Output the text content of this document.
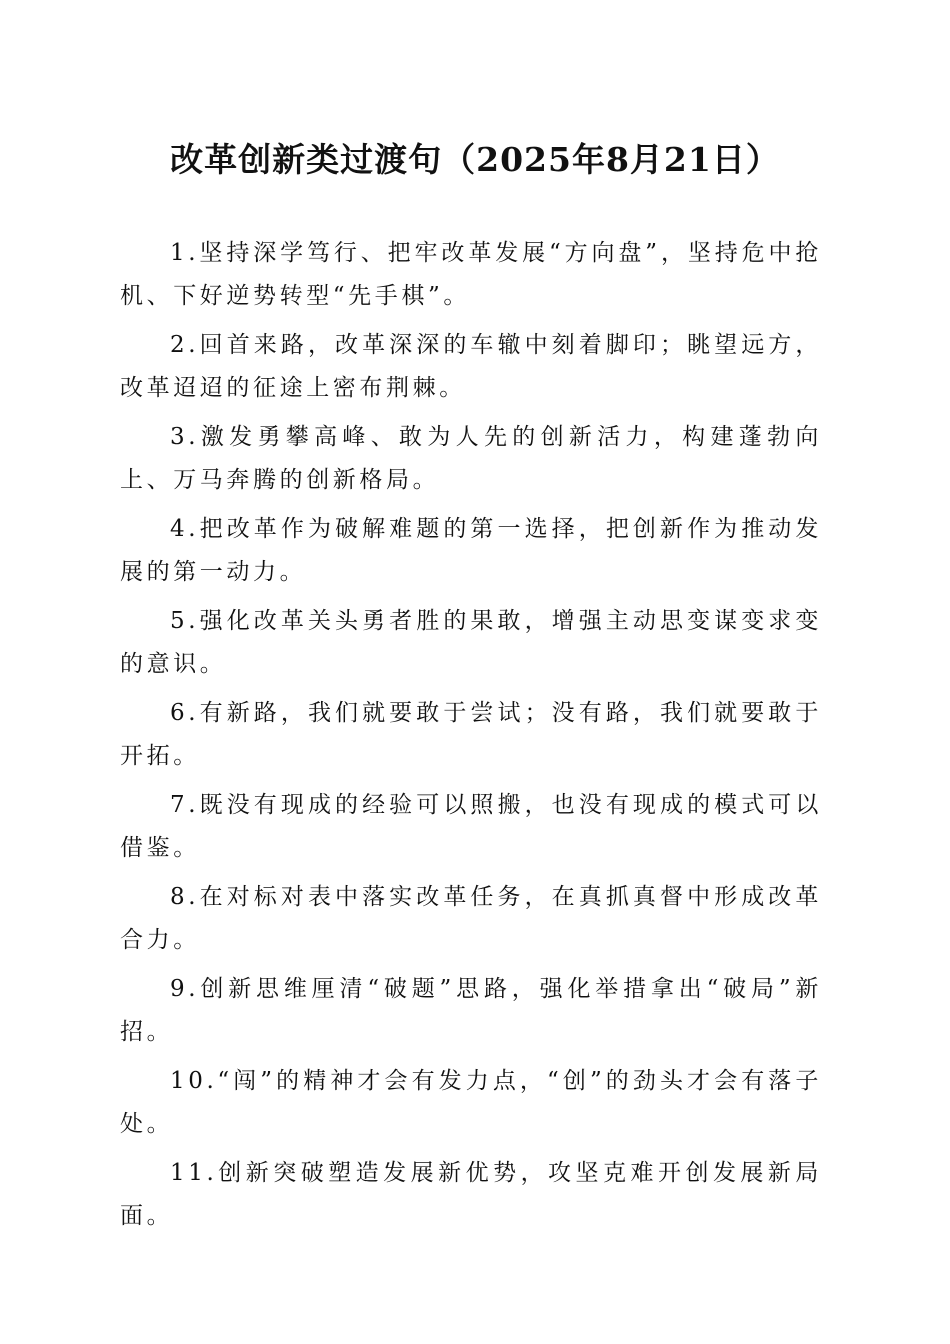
改革创新类过渡句（2025年8月21日）

1.坚持深学笃行、把牢改革发展“方向盘”，坚持危中抢机、下好逆势转型“先手棋”。

2.回首来路，改革深深的车辙中刻着脚印；眺望远方，改革迢迢的征途上密布荆棘。

3.激发勇攀高峰、敢为人先的创新活力，构建蓬勃向上、万马奔腾的创新格局。

4.把改革作为破解难题的第一选择，把创新作为推动发展的第一动力。

5.强化改革关头勇者胜的果敢，增强主动思变谋变求变的意识。

6.有新路，我们就要敢于尝试；没有路，我们就要敢于开拓。

7.既没有现成的经验可以照搬，也没有现成的模式可以借鉴。

8.在对标对表中落实改革任务，在真抓真督中形成改革合力。

9.创新思维厘清“破题”思路，强化举措拿出“破局”新招。

10.“闯”的精神才会有发力点，“创”的劲头才会有落子处。

11.创新突破塑造发展新优势，攻坚克难开创发展新局面。
